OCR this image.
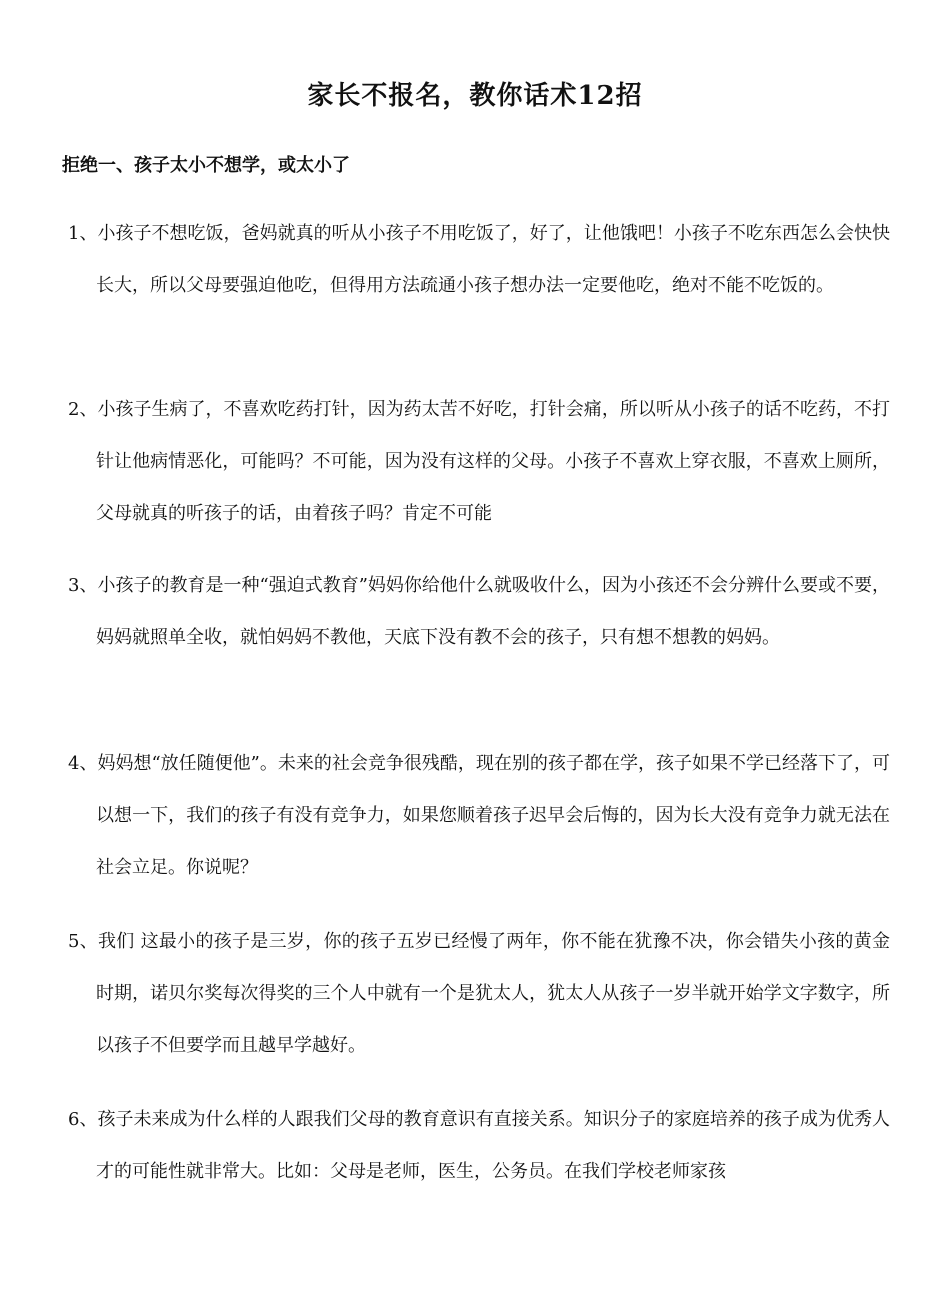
家长不报名，教你话术12招
拒绝一、孩子太小不想学，或太小了
1、小孩子不想吃饭，爸妈就真的听从小孩子不用吃饭了，好了，让他饿吧！小孩子不吃东西怎么会快快长大，所以父母要强迫他吃，但得用方法疏通小孩子想办法一定要他吃，绝对不能不吃饭的。
2、小孩子生病了，不喜欢吃药打针，因为药太苦不好吃，打针会痛，所以听从小孩子的话不吃药，不打针让他病情恶化，可能吗？不可能，因为没有这样的父母。小孩子不喜欢上穿衣服，不喜欢上厕所，父母就真的听孩子的话，由着孩子吗？肯定不可能
3、小孩子的教育是一种“强迫式教育”妈妈你给他什么就吸收什么，因为小孩还不会分辨什么要或不要，妈妈就照单全收，就怕妈妈不教他，天底下没有教不会的孩子，只有想不想教的妈妈。
4、妈妈想“放任随便他”。未来的社会竞争很残酷，现在别的孩子都在学，孩子如果不学已经落下了，可以想一下，我们的孩子有没有竞争力，如果您顺着孩子迟早会后悔的，因为长大没有竞争力就无法在社会立足。你说呢？
5、我们 这最小的孩子是三岁，你的孩子五岁已经慢了两年，你不能在犹豫不决，你会错失小孩的黄金时期，诺贝尔奖每次得奖的三个人中就有一个是犹太人，犹太人从孩子一岁半就开始学文字数字，所以孩子不但要学而且越早学越好。
6、孩子未来成为什么样的人跟我们父母的教育意识有直接关系。知识分子的家庭培养的孩子成为优秀人才的可能性就非常大。比如：父母是老师，医生，公务员。在我们学校老师家孩
